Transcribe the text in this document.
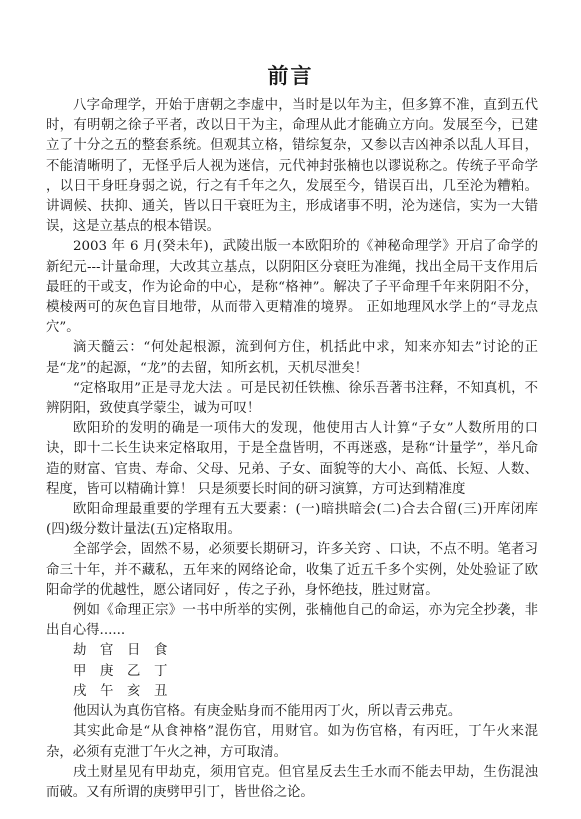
前言

八字命理学，开始于唐朝之李虚中，当时是以年为主，但多算不准，直到五代时，有明朝之徐子平者，改以日干为主，命理从此才能确立方向。发展至今，已建立了十分之五的整套系统。但观其立格，错综复杂，又参以吉凶神杀以乱人耳目，不能清晰明了，无怪乎后人视为迷信，元代神封张楠也以谬说称之。传统子平命学 ，以日干身旺身弱之说，行之有千年之久，发展至今，错误百出，几至沦为糟粕。讲调候、扶抑、通关，皆以日干衰旺为主，形成诸事不明，沦为迷信，实为一大错误，这是立基点的根本错误。

2003 年 6 月(癸未年)，武陵出版一本欧阳玠的《神秘命理学》开启了命学的新纪元---计量命理，大改其立基点，以阴阳区分衰旺为准绳，找出全局干支作用后最旺的干或支，作为论命的中心，是称“格神”。解决了子平命理千年来阴阳不分，模棱两可的灰色盲目地带，从而带入更精准的境界。 正如地理风水学上的“寻龙点穴”。

滴天髓云：“何处起根源，流到何方住，机括此中求，知来亦知去”讨论的正是“龙”的起源，“龙”的去留，知所玄机，天机尽泄矣！

“定格取用”正是寻龙大法 。可是民初任铁樵、徐乐吾著书注释，不知真机，不辨阴阳，致使真学蒙尘，诚为可叹！

欧阳玠的发明的确是一项伟大的发现，他使用古人计算“子女”人数所用的口诀，即十二长生诀来定格取用，于是全盘皆明，不再迷惑，是称“计量学”，举凡命造的财富、官贵、寿命、父母、兄弟、子女、面貌等的大小、高低、长短、人数、程度，皆可以精确计算！ 只是须要长时间的研习演算，方可达到精准度

欧阳命理最重要的学理有五大要素：(一)暗拱暗会(二)合去合留(三)开库闭库(四)级分数计量法(五)定格取用。

全部学会，固然不易，必须要长期研习，许多关窍 、口诀，不点不明。笔者习命三十年，并不藏私，五年来的网络论命，收集了近五千多个实例，处处验证了欧阳命学的优越性，愿公诸同好 ，传之子孙，身怀绝技，胜过财富。

例如《命理正宗》一书中所举的实例，张楠他自己的命运，亦为完全抄袭，非出自心得......

劫 官 日 食
甲 庚 乙 丁
戌 午 亥 丑

他因认为真伤官格。有庚金贴身而不能用丙丁火，所以青云弗克。

其实此命是“从食神格”混伤官，用财官。如为伤官格，有丙旺，丁午火来混杂，必须有克泄丁午火之神，方可取清。

戌土财星见有甲劫克，须用官克。但官星反去生壬水而不能去甲劫，生伤混浊而破。又有所谓的庚劈甲引丁，皆世俗之论。
